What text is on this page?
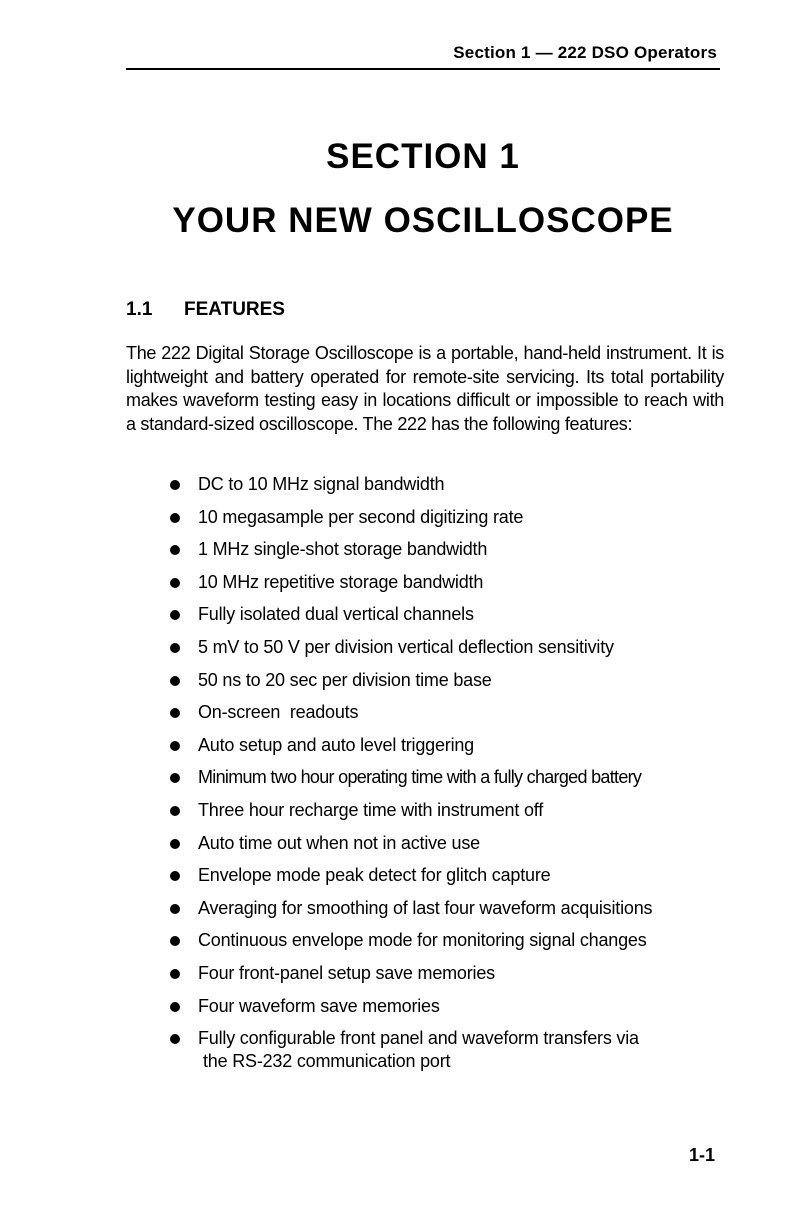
Section 1 — 222 DSO Operators
SECTION 1
YOUR NEW OSCILLOSCOPE
1.1 FEATURES

The 222 Digital Storage Oscilloscope is a portable, hand-held instrument. It is lightweight and battery operated for remote-site servicing. Its total portability makes waveform testing easy in locations difficult or impossible to reach with a standard-sized oscilloscope. The 222 has the following features:

DC to 10 MHz signal bandwidth
10 megasample per second digitizing rate
1 MHz single-shot storage bandwidth
10 MHz repetitive storage bandwidth
Fully isolated dual vertical channels
5 mV to 50 V per division vertical deflection sensitivity
50 ns to 20 sec per division time base
On-screen  readouts
Auto setup and auto level triggering
Minimum two hour operating time with a fully charged battery
Three hour recharge time with instrument off
Auto time out when not in active use
Envelope mode peak detect for glitch capture
Averaging for smoothing of last four waveform acquisitions
Continuous envelope mode for monitoring signal changes
Four front-panel setup save memories
Four waveform save memories
Fully configurable front panel and waveform transfers via
the RS-232 communication port
1-1
